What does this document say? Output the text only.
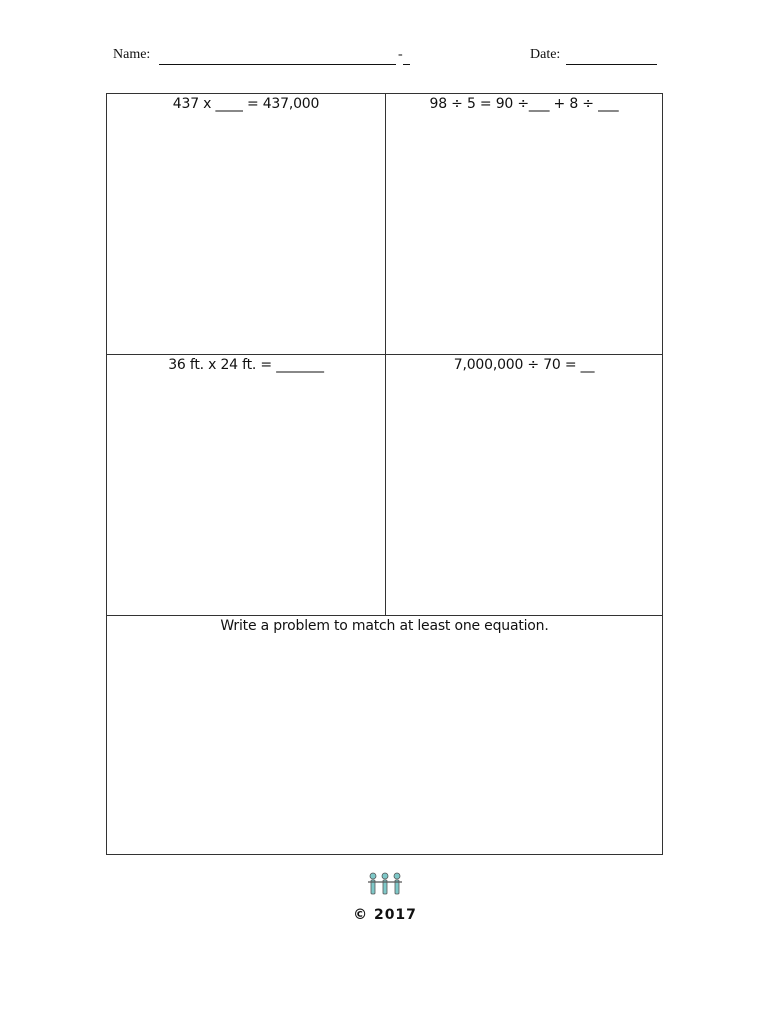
Name:	-	Date:
437 x ____ = 437,000	98 ÷ 5 = 90 ÷___ + 8 ÷ ___
36 ft. x 24 ft. = _______	7,000,000 ÷ 70 = __
Write a problem to match at least one equation.
© 2017
